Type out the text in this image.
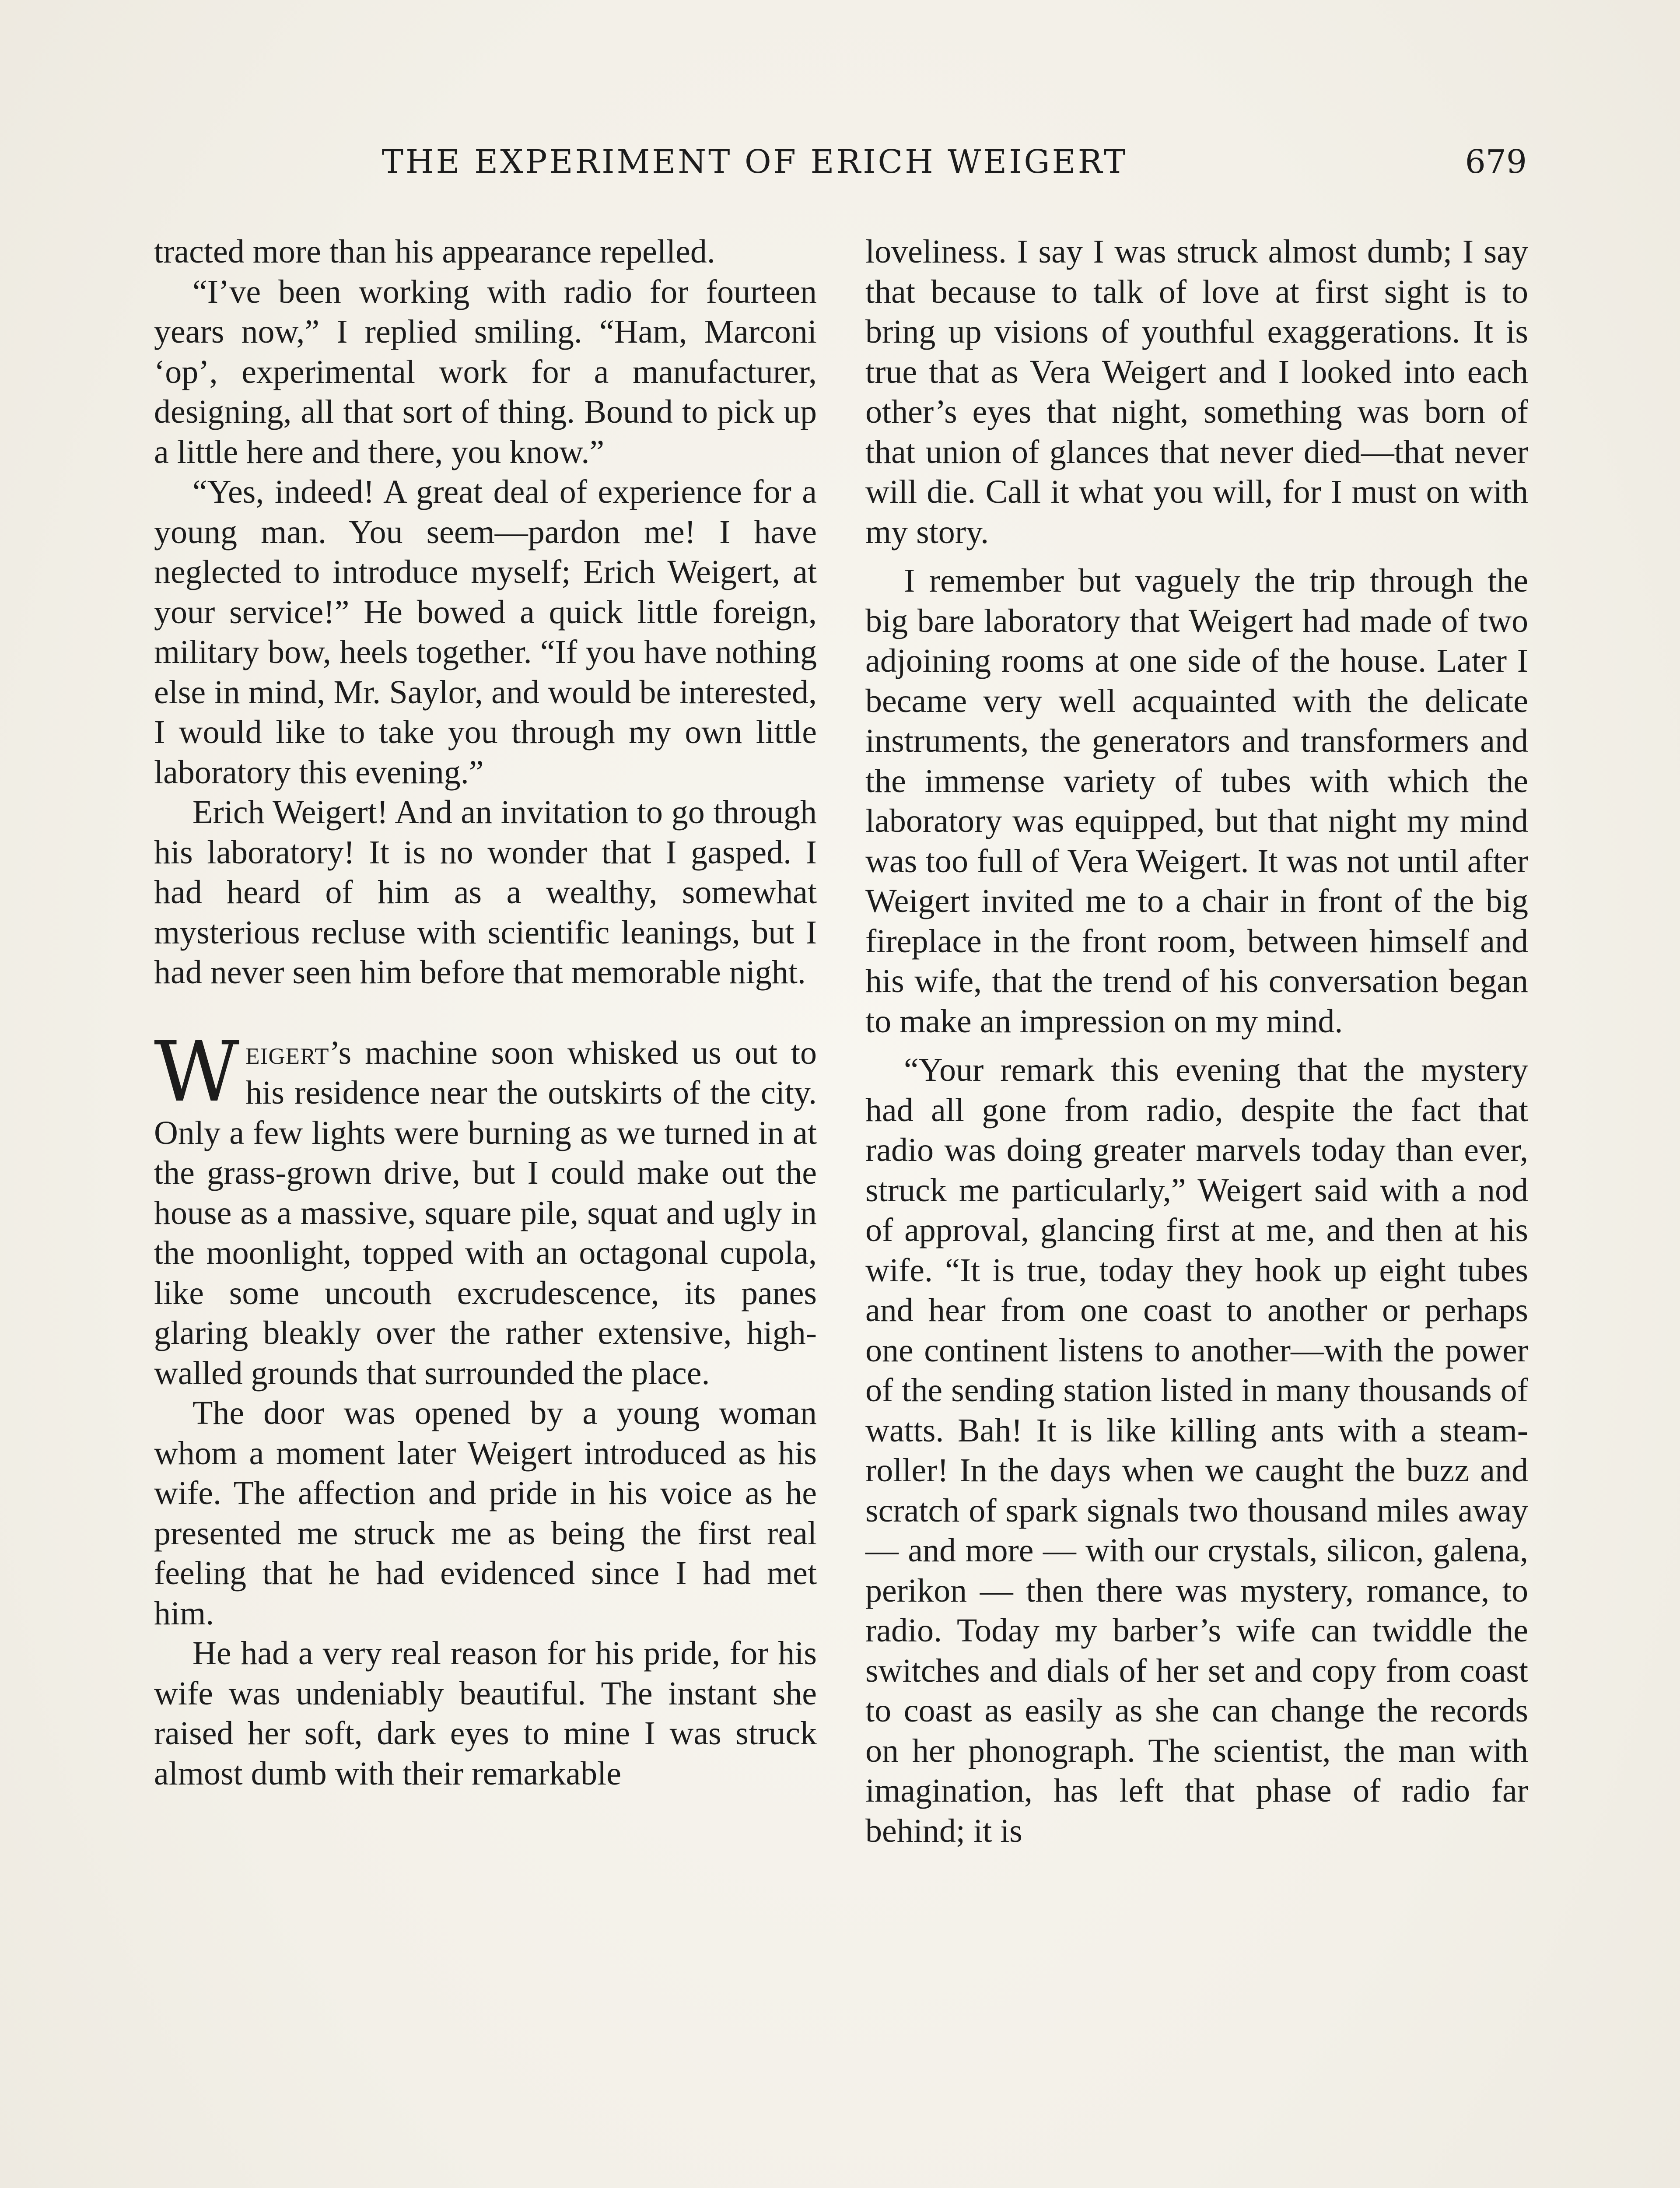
THE EXPERIMENT OF ERICH WEIGERT	679

tracted more than his appearance repelled.

“I’ve been working with radio for fourteen years now,” I replied smiling. “Ham, Marconi ‘op’, experimental work for a manufacturer, designing, all that sort of thing. Bound to pick up a little here and there, you know.”

“Yes, indeed! A great deal of experience for a young man. You seem—pardon me! I have neglected to introduce myself; Erich Weigert, at your service!” He bowed a quick little foreign, military bow, heels together. “If you have nothing else in mind, Mr. Saylor, and would be interested, I would like to take you through my own little laboratory this evening.”

Erich Weigert! And an invitation to go through his laboratory! It is no wonder that I gasped. I had heard of him as a wealthy, somewhat mysterious recluse with scientific leanings, but I had never seen him before that memorable night.

Weigert’s machine soon whisked us out to his residence near the outskirts of the city. Only a few lights were burning as we turned in at the grass-grown drive, but I could make out the house as a massive, square pile, squat and ugly in the moonlight, topped with an octagonal cupola, like some uncouth excrudescence, its panes glaring bleakly over the rather extensive, high-walled grounds that surrounded the place.

The door was opened by a young woman whom a moment later Weigert introduced as his wife. The affection and pride in his voice as he presented me struck me as being the first real feeling that he had evidenced since I had met him.

He had a very real reason for his pride, for his wife was undeniably beautiful. The instant she raised her soft, dark eyes to mine I was struck almost dumb with their remarkable

loveliness. I say I was struck almost dumb; I say that because to talk of love at first sight is to bring up visions of youthful exaggerations. It is true that as Vera Weigert and I looked into each other’s eyes that night, something was born of that union of glances that never died—that never will die. Call it what you will, for I must on with my story.

I remember but vaguely the trip through the big bare laboratory that Weigert had made of two adjoining rooms at one side of the house. Later I became very well acquainted with the delicate instruments, the generators and transformers and the immense variety of tubes with which the laboratory was equipped, but that night my mind was too full of Vera Weigert. It was not until after Weigert invited me to a chair in front of the big fireplace in the front room, between himself and his wife, that the trend of his conversation began to make an impression on my mind.

“Your remark this evening that the mystery had all gone from radio, despite the fact that radio was doing greater marvels today than ever, struck me particularly,” Weigert said with a nod of approval, glancing first at me, and then at his wife. “It is true, today they hook up eight tubes and hear from one coast to another or perhaps one continent listens to another—with the power of the sending station listed in many thousands of watts. Bah! It is like killing ants with a steam-roller! In the days when we caught the buzz and scratch of spark signals two thousand miles away — and more — with our crystals, silicon, galena, perikon — then there was mystery, romance, to radio. Today my barber’s wife can twiddle the switches and dials of her set and copy from coast to coast as easily as she can change the records on her phonograph. The scientist, the man with imagination, has left that phase of radio far behind; it is
